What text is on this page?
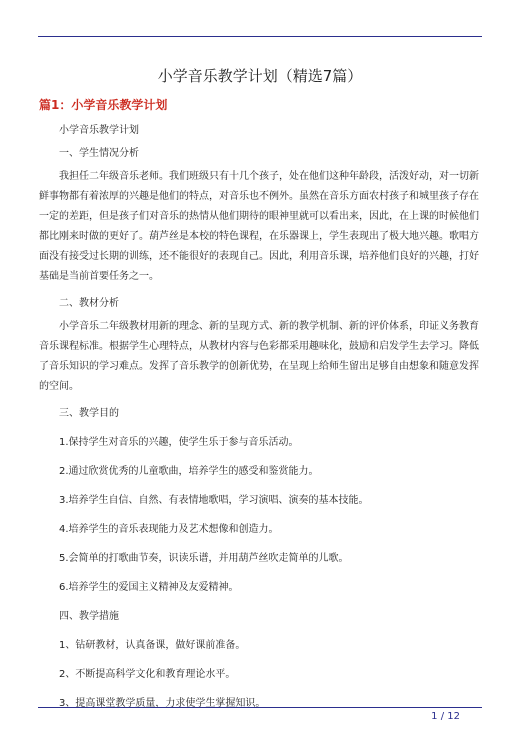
小学音乐教学计划（精选7篇）
篇1：小学音乐教学计划

小学音乐教学计划

一、学生情况分析

我担任二年级音乐老师。我们班级只有十几个孩子，处在他们这种年龄段，活泼好动，对一切新鲜事物都有着浓厚的兴趣是他们的特点，对音乐也不例外。虽然在音乐方面农村孩子和城里孩子存在一定的差距，但是孩子们对音乐的热情从他们期待的眼神里就可以看出来，因此，在上课的时候他们都比刚来时做的更好了。葫芦丝是本校的特色课程，在乐器课上，学生表现出了极大地兴趣。歌唱方面没有接受过长期的训练，还不能很好的表现自己。因此，利用音乐课，培养他们良好的兴趣，打好基础是当前首要任务之一。

二、教材分析

小学音乐二年级教材用新的理念、新的呈现方式、新的教学机制、新的评价体系，印证义务教育音乐课程标准。根据学生心理特点，从教材内容与色彩都采用趣味化，鼓励和启发学生去学习。降低了音乐知识的学习难点。发挥了音乐教学的创新优势，在呈现上给师生留出足够自由想象和随意发挥的空间。

三、教学目的

1.保持学生对音乐的兴趣，使学生乐于参与音乐活动。

2.通过欣赏优秀的儿童歌曲，培养学生的感受和鉴赏能力。

3.培养学生自信、自然、有表情地歌唱，学习演唱、演奏的基本技能。

4.培养学生的音乐表现能力及艺术想像和创造力。

5.会简单的打歌曲节奏，识读乐谱，并用葫芦丝吹走简单的儿歌。

6.培养学生的爱国主义精神及友爱精神。

四、教学措施

1、钻研教材，认真备课，做好课前准备。

2、不断提高科学文化和教育理论水平。

3、提高课堂教学质量，力求使学生掌握知识。

1 / 12
